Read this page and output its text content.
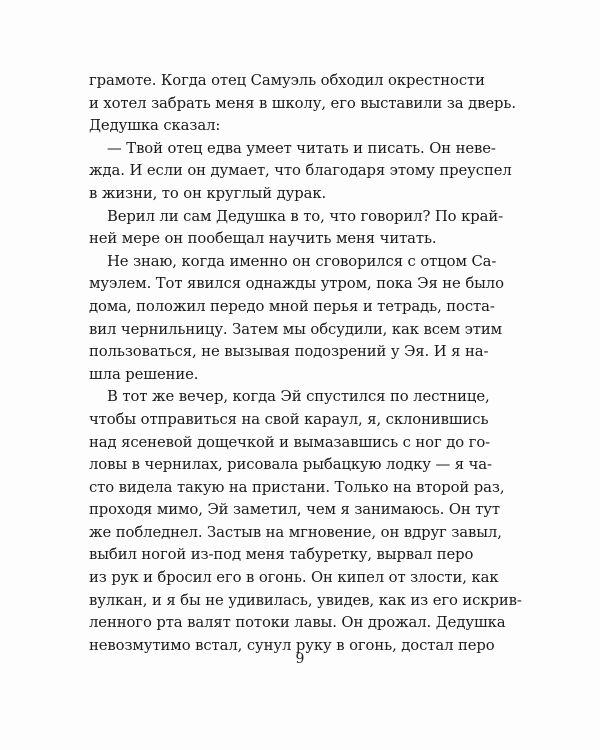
грамоте. Когда отец Самуэль обходил окрестности
и хотел забрать меня в школу, его выставили за дверь.
Дедушка сказал:
— Твой отец едва умеет читать и писать. Он неве-
жда. И если он думает, что благодаря этому преуспел
в жизни, то он круглый дурак.
Верил ли сам Дедушка в то, что говорил? По край-
ней мере он пообещал научить меня читать.
Не знаю, когда именно он сговорился с отцом Са-
муэлем. Тот явился однажды утром, пока Эя не было
дома, положил передо мной перья и тетрадь, поста-
вил чернильницу. Затем мы обсудили, как всем этим
пользоваться, не вызывая подозрений у Эя. И я на-
шла решение.
В тот же вечер, когда Эй спустился по лестнице,
чтобы отправиться на свой караул, я, склонившись
над ясеневой дощечкой и вымазавшись с ног до го-
ловы в чернилах, рисовала рыбацкую лодку — я ча-
сто видела такую на пристани. Только на второй раз,
проходя мимо, Эй заметил, чем я занимаюсь. Он тут
же побледнел. Застыв на мгновение, он вдруг завыл,
выбил ногой из-под меня табуретку, вырвал перо
из рук и бросил его в огонь. Он кипел от злости, как
вулкан, и я бы не удивилась, увидев, как из его искрив-
ленного рта валят потоки лавы. Он дрожал. Дедушка
невозмутимо встал, сунул руку в огонь, достал перо
9
